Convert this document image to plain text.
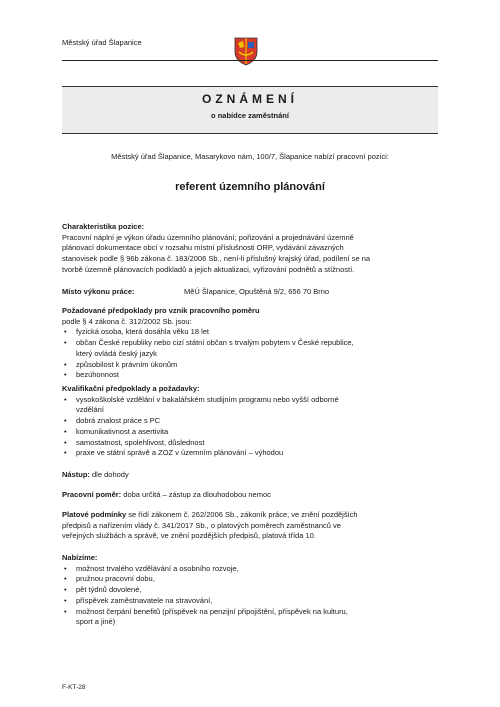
Městský úřad Šlapanice
OZNÁMENÍ
o nabídce zaměstnání
Městský úřad Šlapanice, Masarykovo nám, 100/7, Šlapanice nabízí pracovní pozici:
referent územního plánování
Charakteristika pozice:
Pracovní náplní je výkon úřadu územního plánování; pořizování a projednávání územně
plánovací dokumentace obcí v rozsahu místní příslušnosti ORP, vydávání závazných
stanovisek podle § 96b zákona č. 183/2006 Sb., není-li příslušný krajský úřad, podílení se na
tvorbě územně plánovacích podkladů a jejich aktualizaci, vyřizování podnětů a stížností.
Místo výkonu práce:	MěÚ Šlapanice, Opuštěná 9/2, 656 70 Brno
Požadované předpoklady pro vznik pracovního poměru
podle § 4 zákona č. 312/2002 Sb. jsou:
• fyzická osoba, která dosáhla věku 18 let
• občan České republiky nebo cizí státní občan s trvalým pobytem v České republice,
který ovládá český jazyk
• způsobilost k právním úkonům
• bezúhonnost
Kvalifikační předpoklady a požadavky:
• vysokoškolské vzdělání v bakalářském studijním programu nebo vyšší odborné
vzdělání
• dobrá znalost práce s PC
• komunikativnost a asertivita
• samostatnost, spolehlivost, důslednost
• praxe ve státní správě a ZOZ v územním plánování – výhodou
Nástup: dle dohody
Pracovní poměr: doba určitá – zástup za dlouhodobou nemoc
Platové podmínky se řídí zákonem č. 262/2006 Sb., zákoník práce, ve znění pozdějších
předpisů a nařízením vlády č. 341/2017 Sb., o platových poměrech zaměstnanců ve
veřejných službách a správě, ve znění pozdějších předpisů, platová třída 10.
Nabízíme:
• možnost trvalého vzdělávání a osobního rozvoje,
• pružnou pracovní dobu,
• pět týdnů dovolené,
• příspěvek zaměstnavatele na stravování,
• možnost čerpání benefitů (příspěvek na penzijní připojištění, příspěvek na kulturu,
sport a jiné)
F-KT-28
